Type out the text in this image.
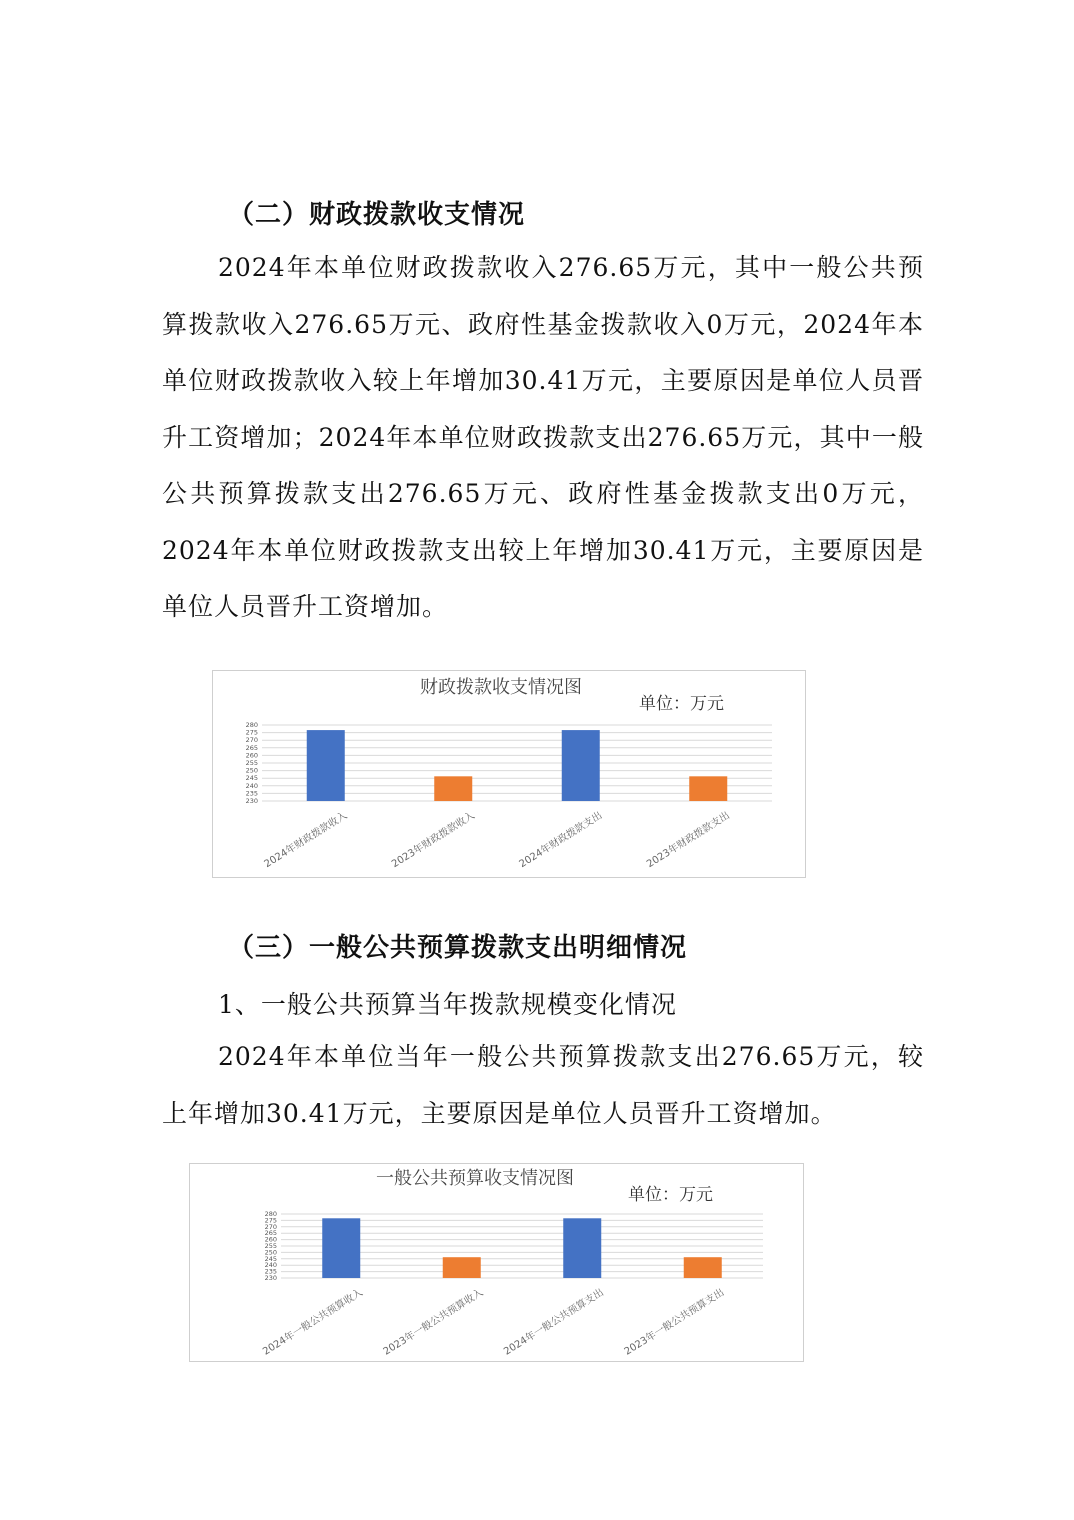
（二）财政拨款收支情况
2024年本单位财政拨款收入276.65万元，其中一般公共预算拨款收入276.65万元、政府性基金拨款收入0万元，2024年本单位财政拨款收入较上年增加30.41万元，主要原因是单位人员晋升工资增加；2024年本单位财政拨款支出276.65万元，其中一般公共预算拨款支出276.65万元、政府性基金拨款支出0万元，2024年本单位财政拨款支出较上年增加30.41万元，主要原因是单位人员晋升工资增加。
财政拨款收支情况图
单位：万元
230
235
240
245
250
255
260
265
270
275
280
2024年财政拨款收入	2023年财政拨款收入	2024年财政拨款支出	2023年财政拨款支出
（三）一般公共预算拨款支出明细情况
1、一般公共预算当年拨款规模变化情况
2024年本单位当年一般公共预算拨款支出276.65万元，较上年增加30.41万元，主要原因是单位人员晋升工资增加。
一般公共预算收支情况图
单位：万元
230
235
240
245
250
255
260
265
270
275
280
2024年一般公共预算收入 2023年一般公共预算收入 2024年一般公共预算支出 2023年一般公共预算支出
